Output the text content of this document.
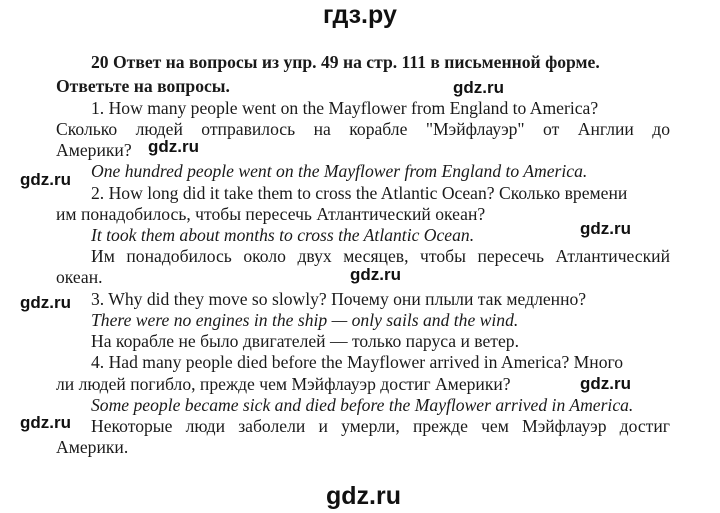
гдз.ру
gdz.ru
gdz.ru
gdz.ru
gdz.ru
gdz.ru
gdz.ru
gdz.ru
gdz.ru
gdz.ru
20 Ответ на вопросы из упр. 49 на стр. 111 в письменной форме.
Ответьте на вопросы.
1. How many people went on the Mayflower from England to America?
Сколько людей отправилось на корабле "Мэйфлауэр" от Англии до
Америки?
One hundred people went on the Mayflower from England to America.
2. How long did it take them to cross the Atlantic Ocean? Сколько времени
им понадобилось, чтобы пересечь Атлантический океан?
It took them about months to cross the Atlantic Ocean.
Им понадобилось около двух месяцев, чтобы пересечь Атлантический
океан.
3. Why did they move so slowly? Почему они плыли так медленно?
There were no engines in the ship — only sails and the wind.
На корабле не было двигателей — только паруса и ветер.
4. Had many people died before the Mayflower arrived in America? Много
ли людей погибло, прежде чем Мэйфлауэр достиг Америки?
Some people became sick and died before the Mayflower arrived in America.
Некоторые люди заболели и умерли, прежде чем Мэйфлауэр достиг
Америки.
